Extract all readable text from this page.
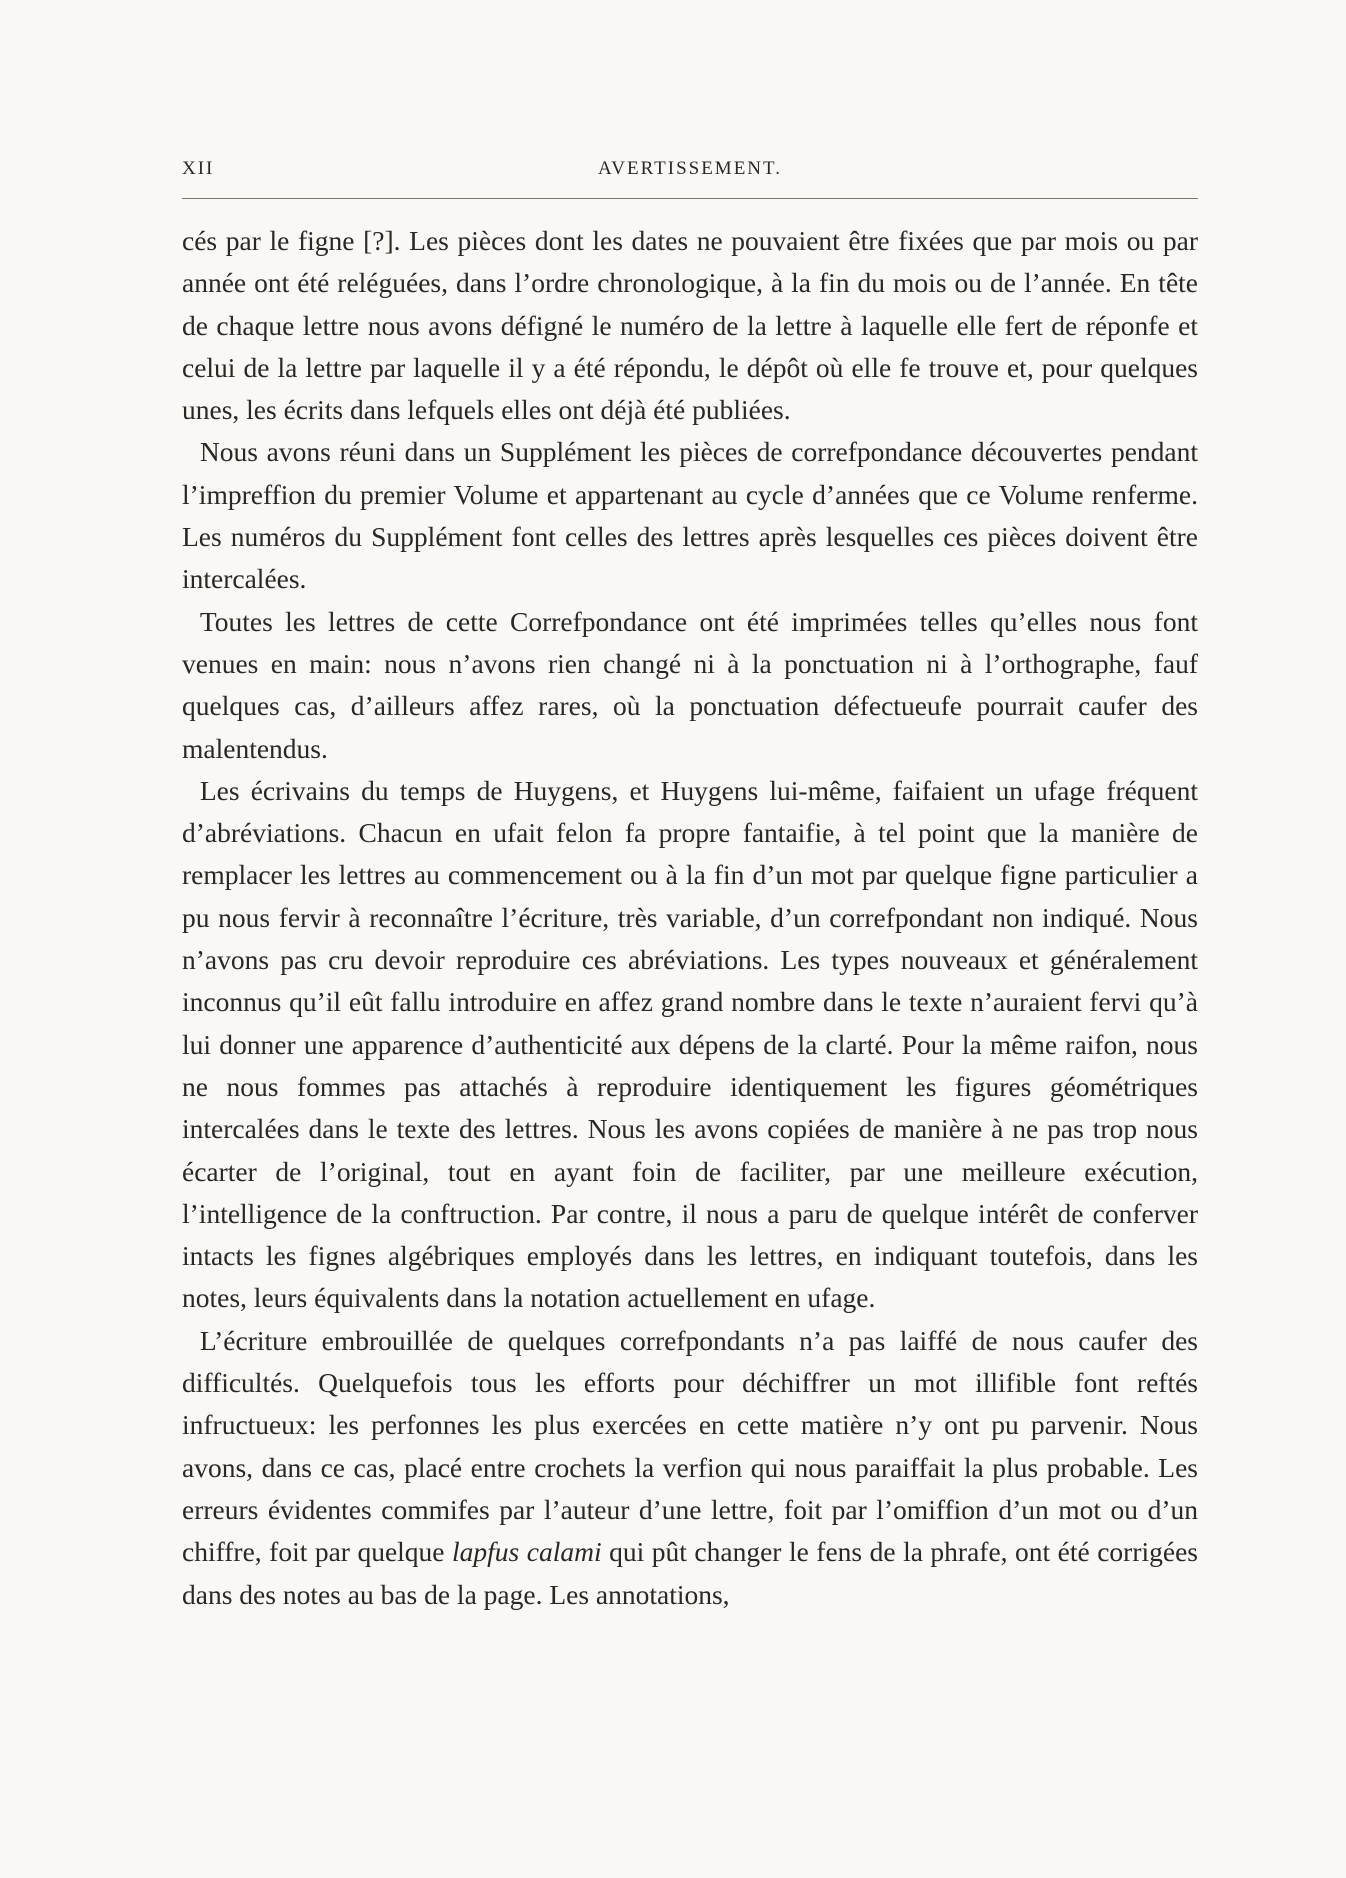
XII	AVERTISSEMENT.

cés par le figne [?]. Les pièces dont les dates ne pouvaient être fixées que par mois ou par année ont été reléguées, dans l’ordre chronologique, à la fin du mois ou de l’année. En tête de chaque lettre nous avons défigné le numéro de la lettre à laquelle elle fert de réponfe et celui de la lettre par laquelle il y a été répondu, le dépôt où elle fe trouve et, pour quelques unes, les écrits dans lefquels elles ont déjà été publiées.

Nous avons réuni dans un Supplément les pièces de correfpondance découvertes pendant l’impreffion du premier Volume et appartenant au cycle d’années que ce Volume renferme. Les numéros du Supplément font celles des lettres après lesquelles ces pièces doivent être intercalées.

Toutes les lettres de cette Correfpondance ont été imprimées telles qu’elles nous font venues en main: nous n’avons rien changé ni à la ponctuation ni à l’orthographe, fauf quelques cas, d’ailleurs affez rares, où la ponctuation défectueufe pourrait caufer des malentendus.

Les écrivains du temps de Huygens, et Huygens lui-même, faifaient un ufage fréquent d’abréviations. Chacun en ufait felon fa propre fantaifie, à tel point que la manière de remplacer les lettres au commencement ou à la fin d’un mot par quelque figne particulier a pu nous fervir à reconnaître l’écriture, très variable, d’un correfpondant non indiqué. Nous n’avons pas cru devoir reproduire ces abréviations. Les types nouveaux et généralement inconnus qu’il eût fallu introduire en affez grand nombre dans le texte n’auraient fervi qu’à lui donner une apparence d’authenticité aux dépens de la clarté. Pour la même raifon, nous ne nous fommes pas attachés à reproduire identiquement les figures géométriques intercalées dans le texte des lettres. Nous les avons copiées de manière à ne pas trop nous écarter de l’original, tout en ayant foin de faciliter, par une meilleure exécution, l’intelligence de la conftruction. Par contre, il nous a paru de quelque intérêt de conferver intacts les fignes algébriques employés dans les lettres, en indiquant toutefois, dans les notes, leurs équivalents dans la notation actuellement en ufage.

L’écriture embrouillée de quelques correfpondants n’a pas laiffé de nous caufer des difficultés. Quelquefois tous les efforts pour déchiffrer un mot illifible font reftés infructueux: les perfonnes les plus exercées en cette matière n’y ont pu parvenir. Nous avons, dans ce cas, placé entre crochets la verfion qui nous paraiffait la plus probable. Les erreurs évidentes commifes par l’auteur d’une lettre, foit par l’omiffion d’un mot ou d’un chiffre, foit par quelque lapfus calami qui pût changer le fens de la phrafe, ont été corrigées dans des notes au bas de la page. Les annotations,
